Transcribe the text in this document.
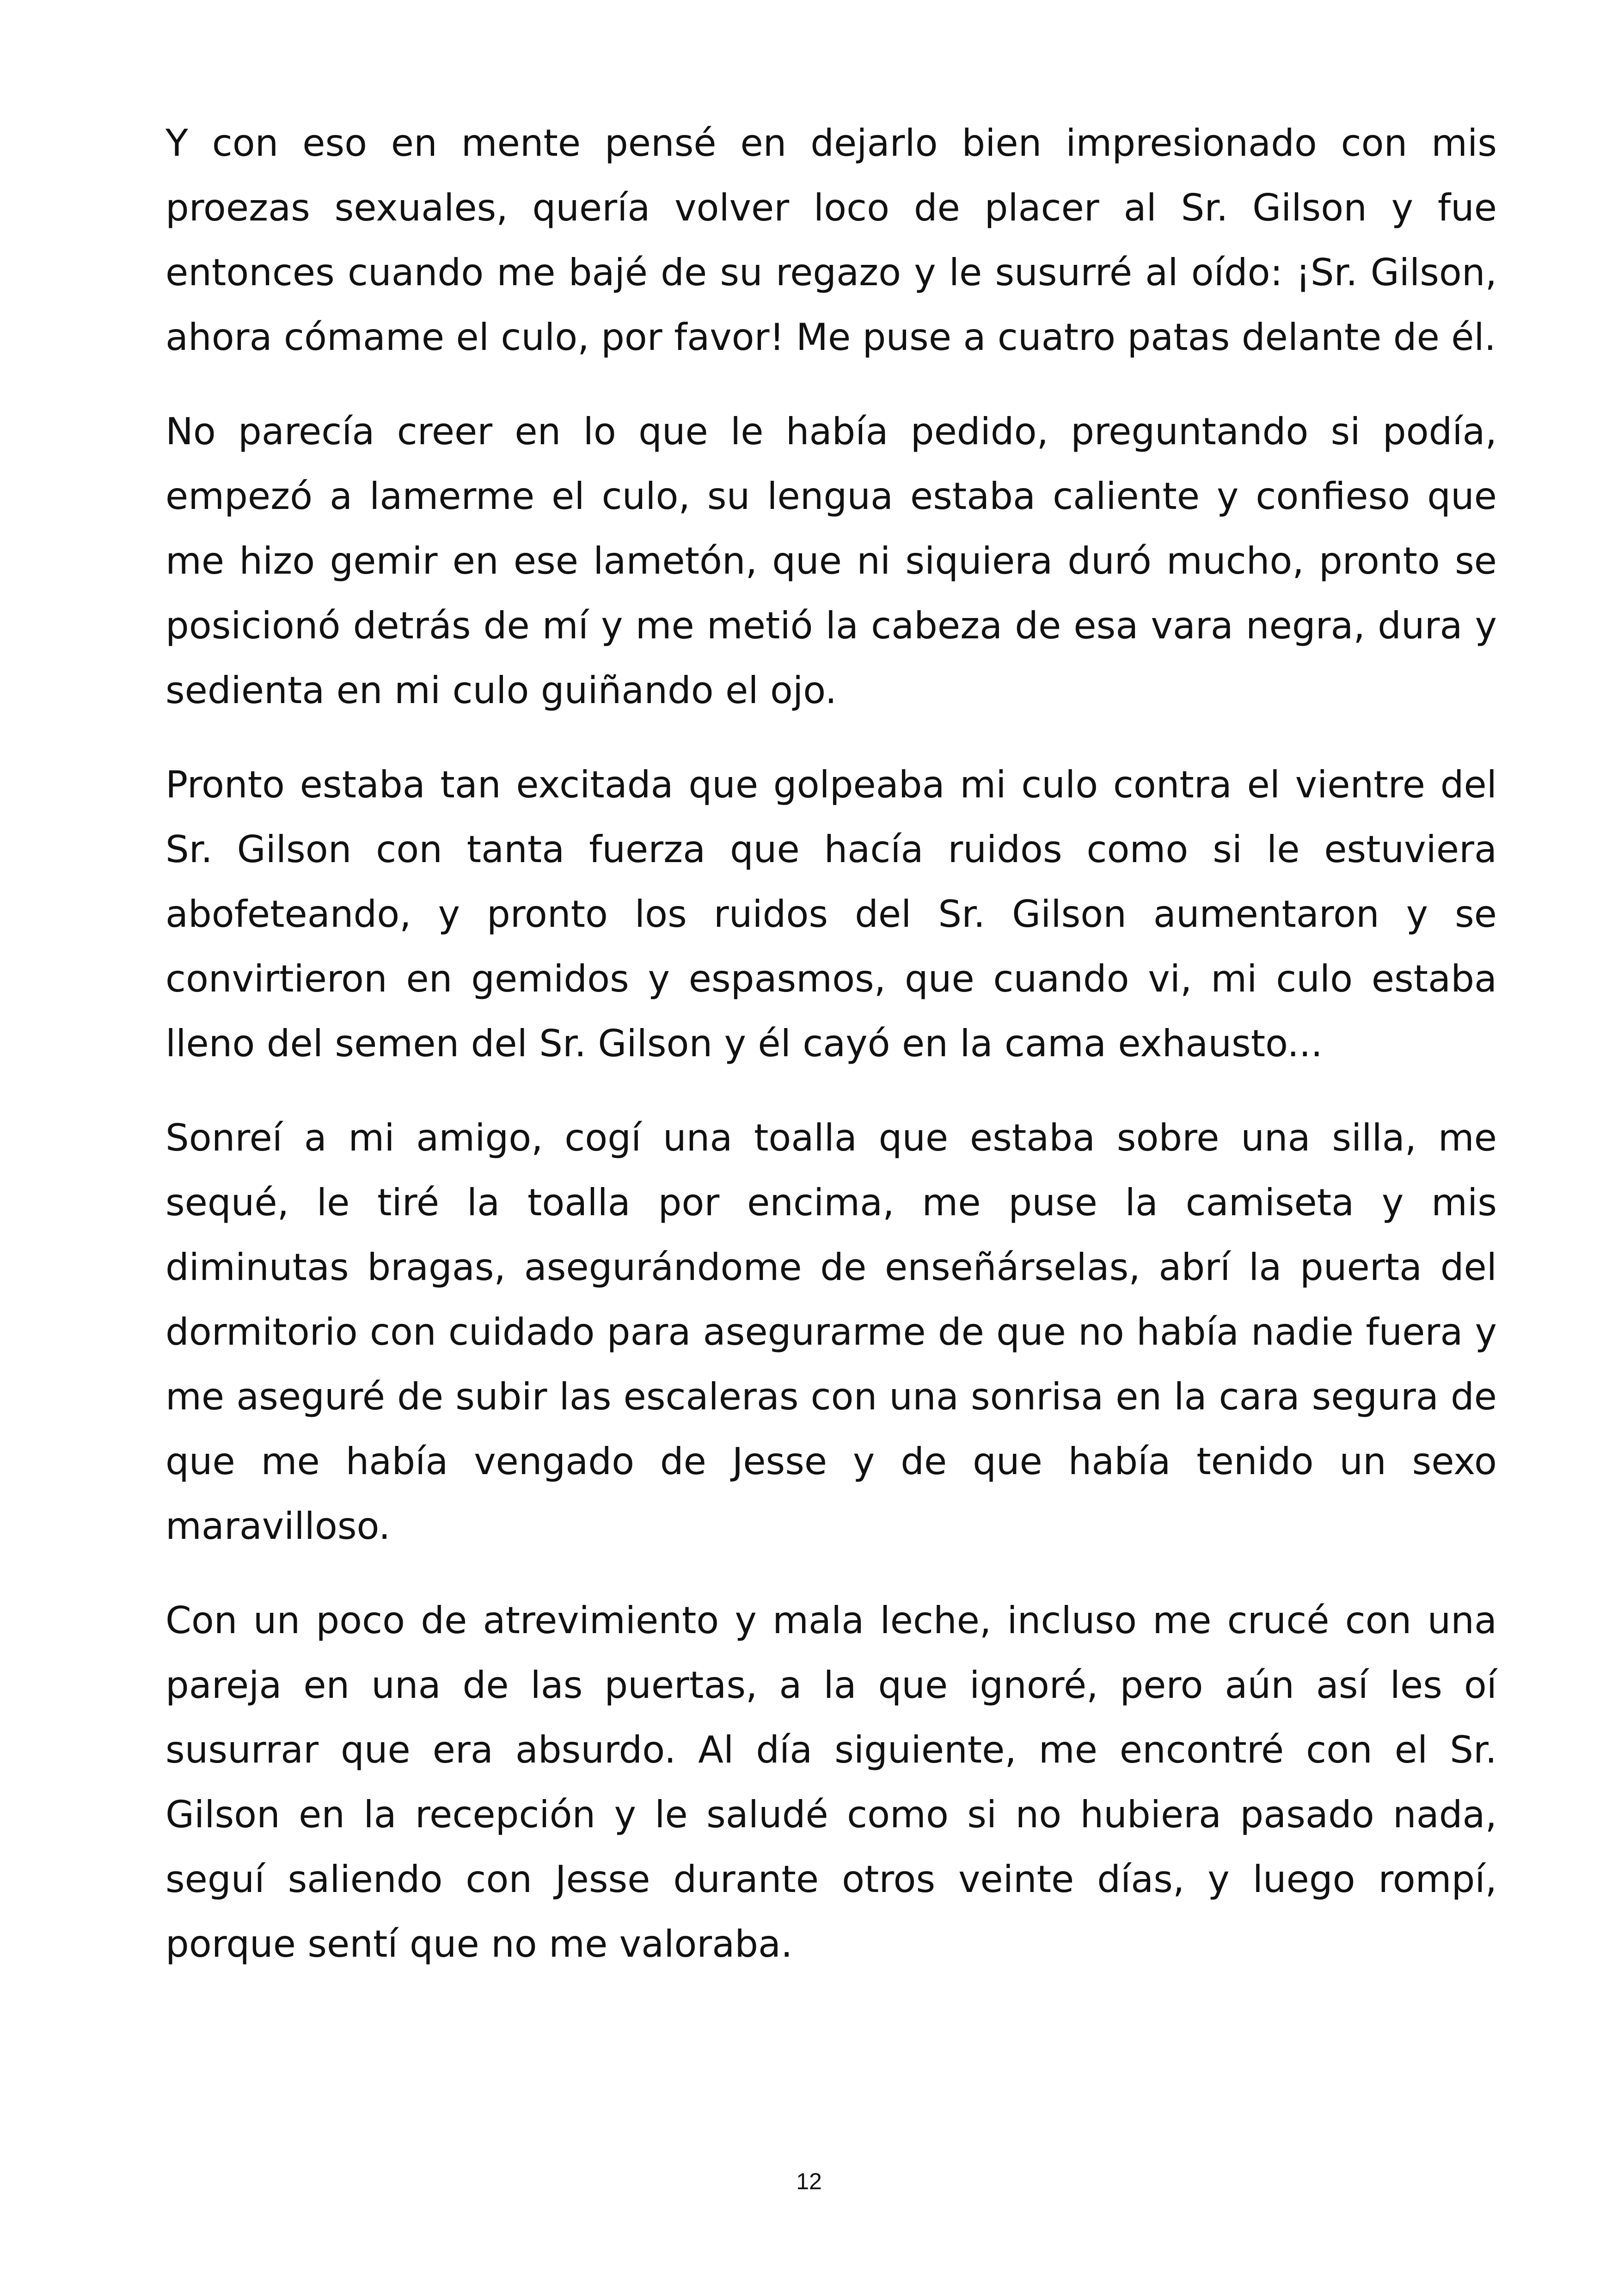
Y con eso en mente pensé en dejarlo bien impresionado con mis proezas sexuales, quería volver loco de placer al Sr. Gilson y fue entonces cuando me bajé de su regazo y le susurré al oído: ¡Sr. Gilson, ahora cómame el culo, por favor! Me puse a cuatro patas delante de él.

No parecía creer en lo que le había pedido, preguntando si podía, empezó a lamerme el culo, su lengua estaba caliente y confieso que me hizo gemir en ese lametón, que ni siquiera duró mucho, pronto se posicionó detrás de mí y me metió la cabeza de esa vara negra, dura y sedienta en mi culo guiñando el ojo.

Pronto estaba tan excitada que golpeaba mi culo contra el vientre del Sr. Gilson con tanta fuerza que hacía ruidos como si le estuviera abofeteando, y pronto los ruidos del Sr. Gilson aumentaron y se convirtieron en gemidos y espasmos, que cuando vi, mi culo estaba lleno del semen del Sr. Gilson y él cayó en la cama exhausto...

Sonreí a mi amigo, cogí una toalla que estaba sobre una silla, me sequé, le tiré la toalla por encima, me puse la camiseta y mis diminutas bragas, asegurándome de enseñárselas, abrí la puerta del dormitorio con cuidado para asegurarme de que no había nadie fuera y me aseguré de subir las escaleras con una sonrisa en la cara segura de que me había vengado de Jesse y de que había tenido un sexo maravilloso.

Con un poco de atrevimiento y mala leche, incluso me crucé con una pareja en una de las puertas, a la que ignoré, pero aún así les oí susurrar que era absurdo. Al día siguiente, me encontré con el Sr. Gilson en la recepción y le saludé como si no hubiera pasado nada, seguí saliendo con Jesse durante otros veinte días, y luego rompí, porque sentí que no me valoraba.

12
